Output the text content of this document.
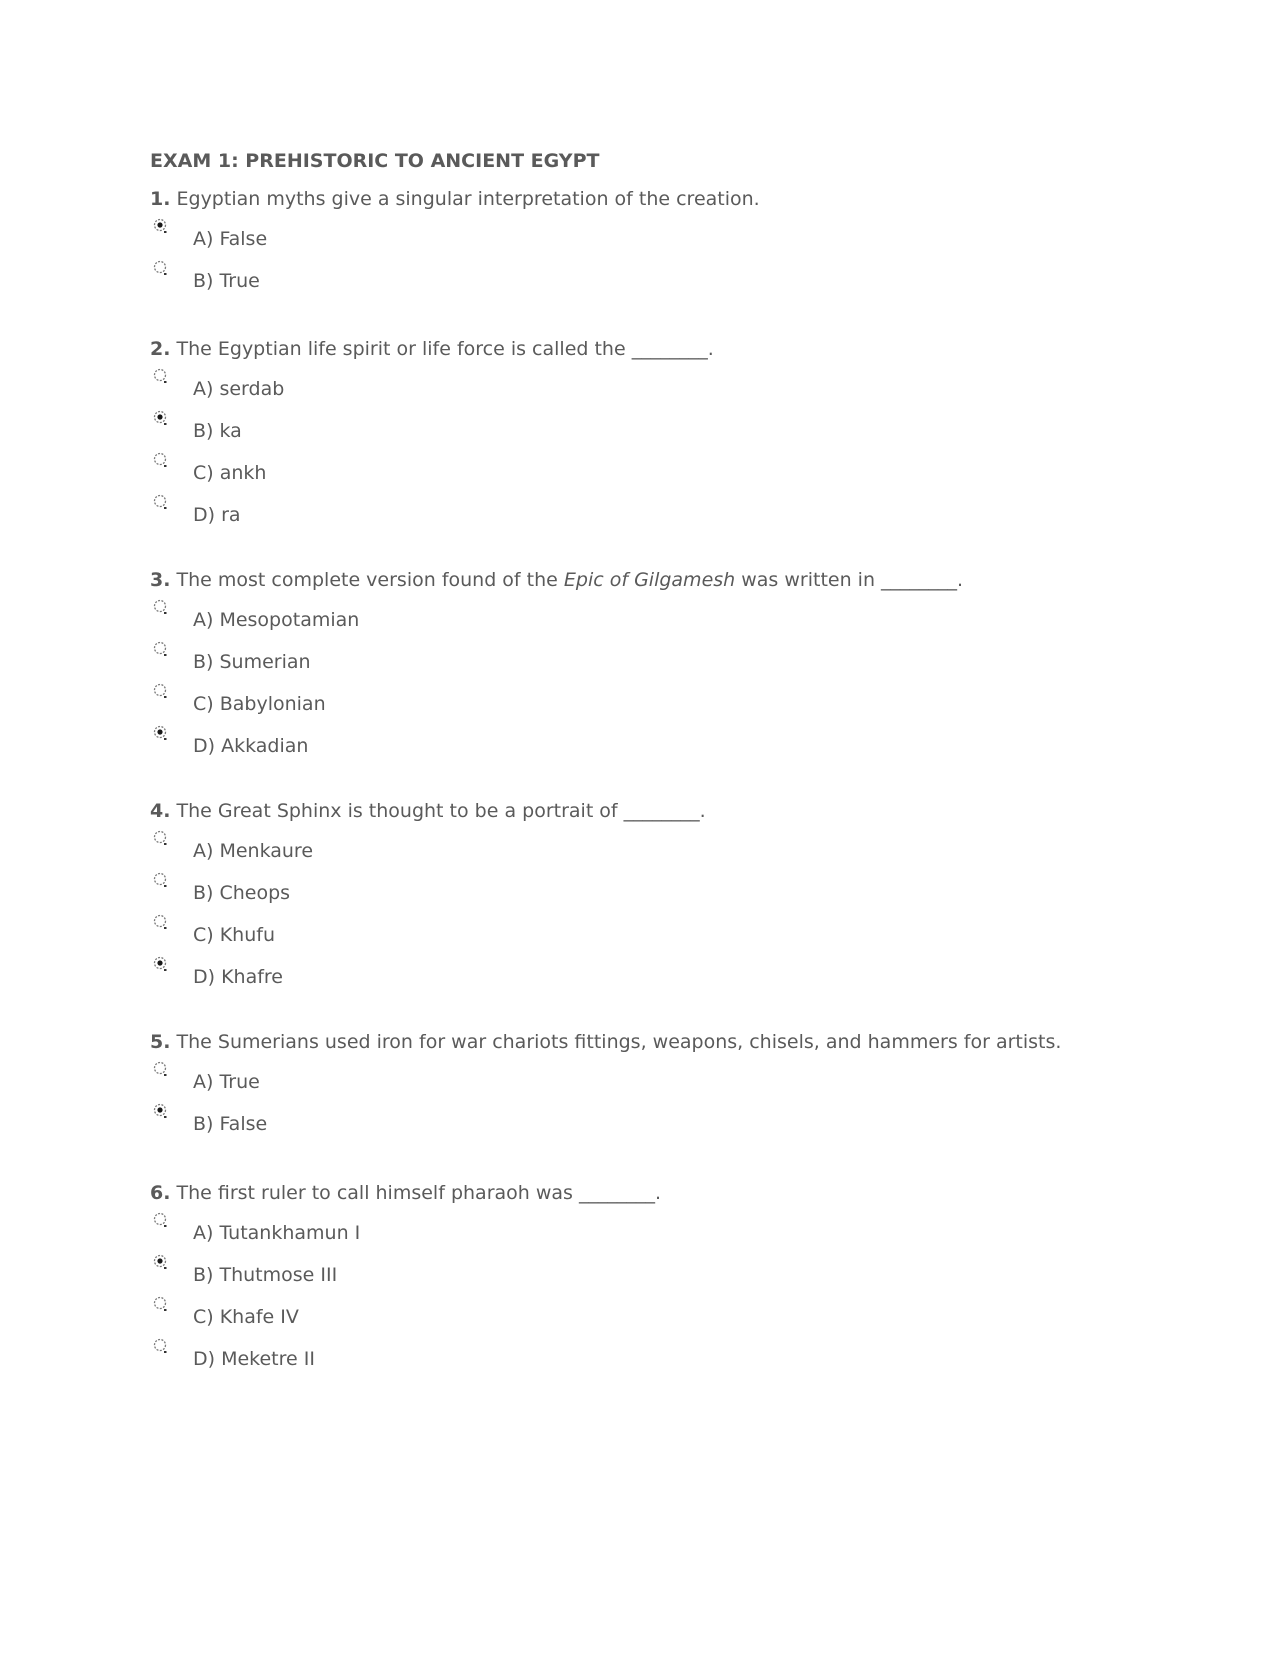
EXAM 1: PREHISTORIC TO ANCIENT EGYPT
1. Egyptian myths give a singular interpretation of the creation.
A) False
B) True
2. The Egyptian life spirit or life force is called the ________.
A) serdab
B) ka
C) ankh
D) ra
3. The most complete version found of the Epic of Gilgamesh was written in ________.
A) Mesopotamian
B) Sumerian
C) Babylonian
D) Akkadian
4. The Great Sphinx is thought to be a portrait of ________.
A) Menkaure
B) Cheops
C) Khufu
D) Khafre
5. The Sumerians used iron for war chariots fittings, weapons, chisels, and hammers for artists.
A) True
B) False
6. The first ruler to call himself pharaoh was ________.
A) Tutankhamun I
B) Thutmose III
C) Khafe IV
D) Meketre II
